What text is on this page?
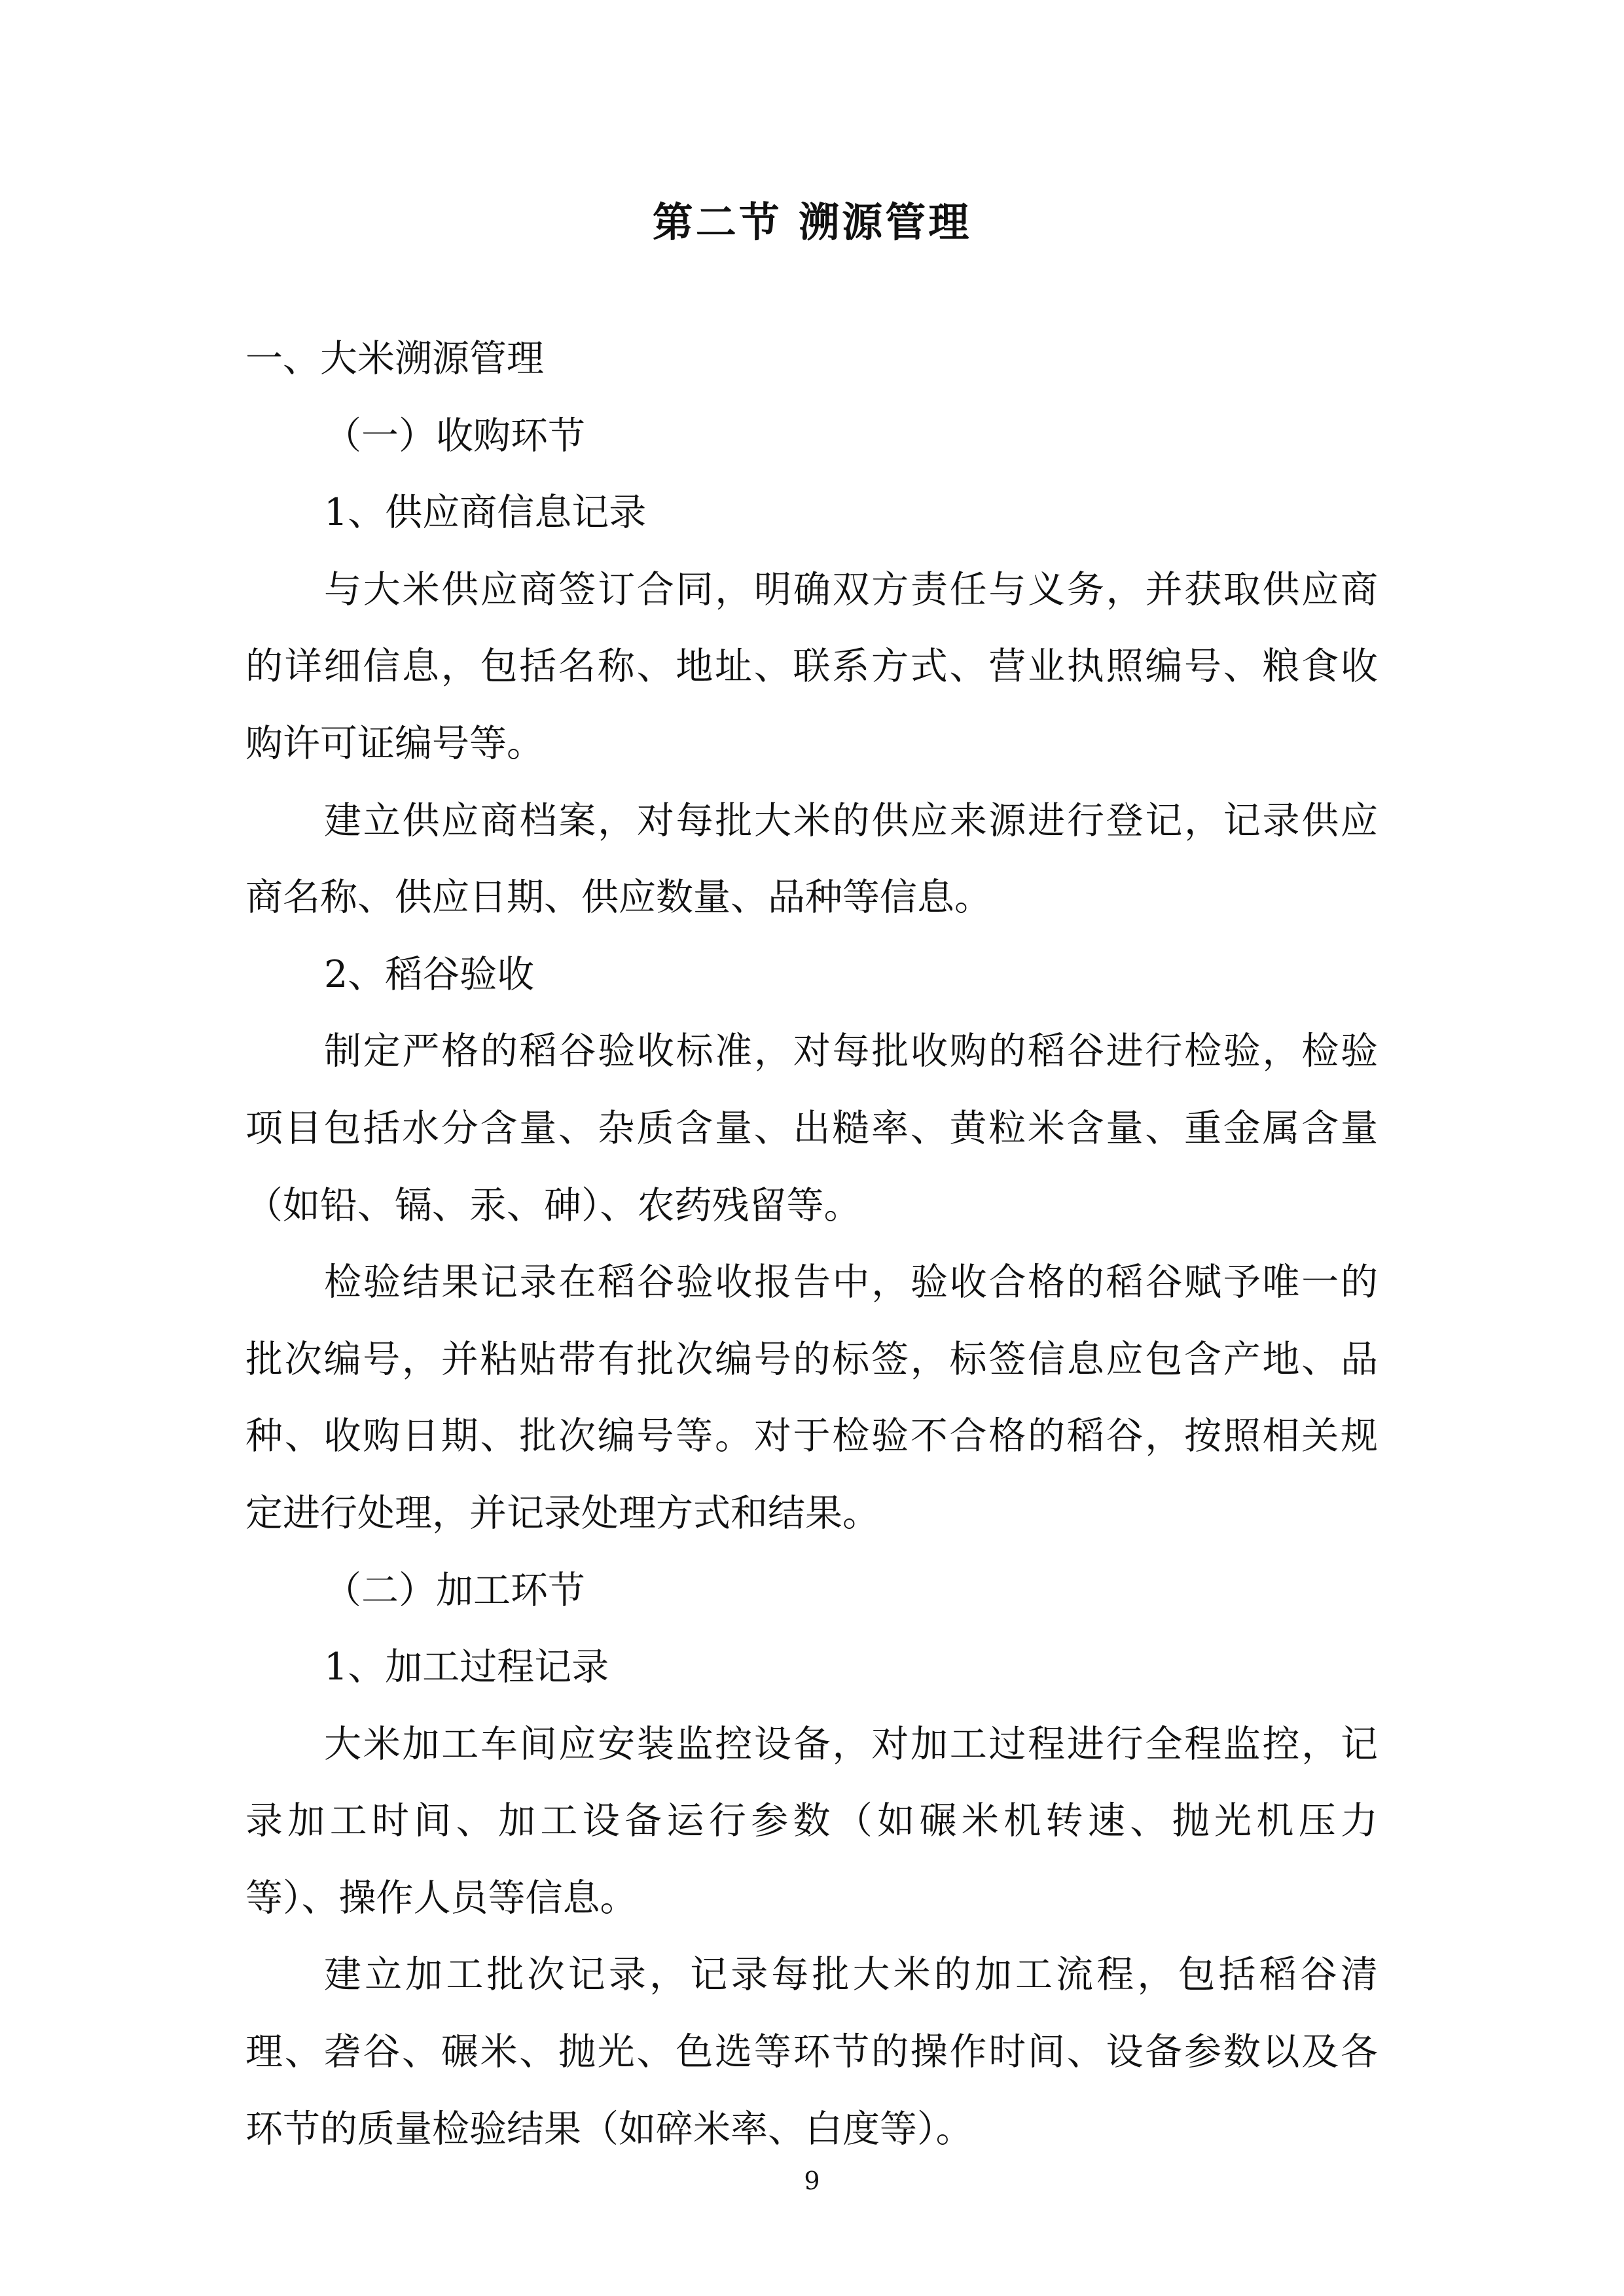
第二节 溯源管理
一、大米溯源管理
（一）收购环节
1、供应商信息记录
与大米供应商签订合同，明确双方责任与义务，并获取供应商
的详细信息，包括名称、地址、联系方式、营业执照编号、粮食收
购许可证编号等。
建立供应商档案，对每批大米的供应来源进行登记，记录供应
商名称、供应日期、供应数量、品种等信息。
2、稻谷验收
制定严格的稻谷验收标准，对每批收购的稻谷进行检验，检验
项目包括水分含量、杂质含量、出糙率、黄粒米含量、重金属含量
（如铅、镉、汞、砷）、农药残留等。
检验结果记录在稻谷验收报告中，验收合格的稻谷赋予唯一的
批次编号，并粘贴带有批次编号的标签，标签信息应包含产地、品
种、收购日期、批次编号等。对于检验不合格的稻谷，按照相关规
定进行处理，并记录处理方式和结果。
（二）加工环节
1、加工过程记录
大米加工车间应安装监控设备，对加工过程进行全程监控，记
录加工时间、加工设备运行参数（如碾米机转速、抛光机压力
等）、操作人员等信息。
建立加工批次记录，记录每批大米的加工流程，包括稻谷清
理、砻谷、碾米、抛光、色选等环节的操作时间、设备参数以及各
环节的质量检验结果（如碎米率、白度等）。
9
